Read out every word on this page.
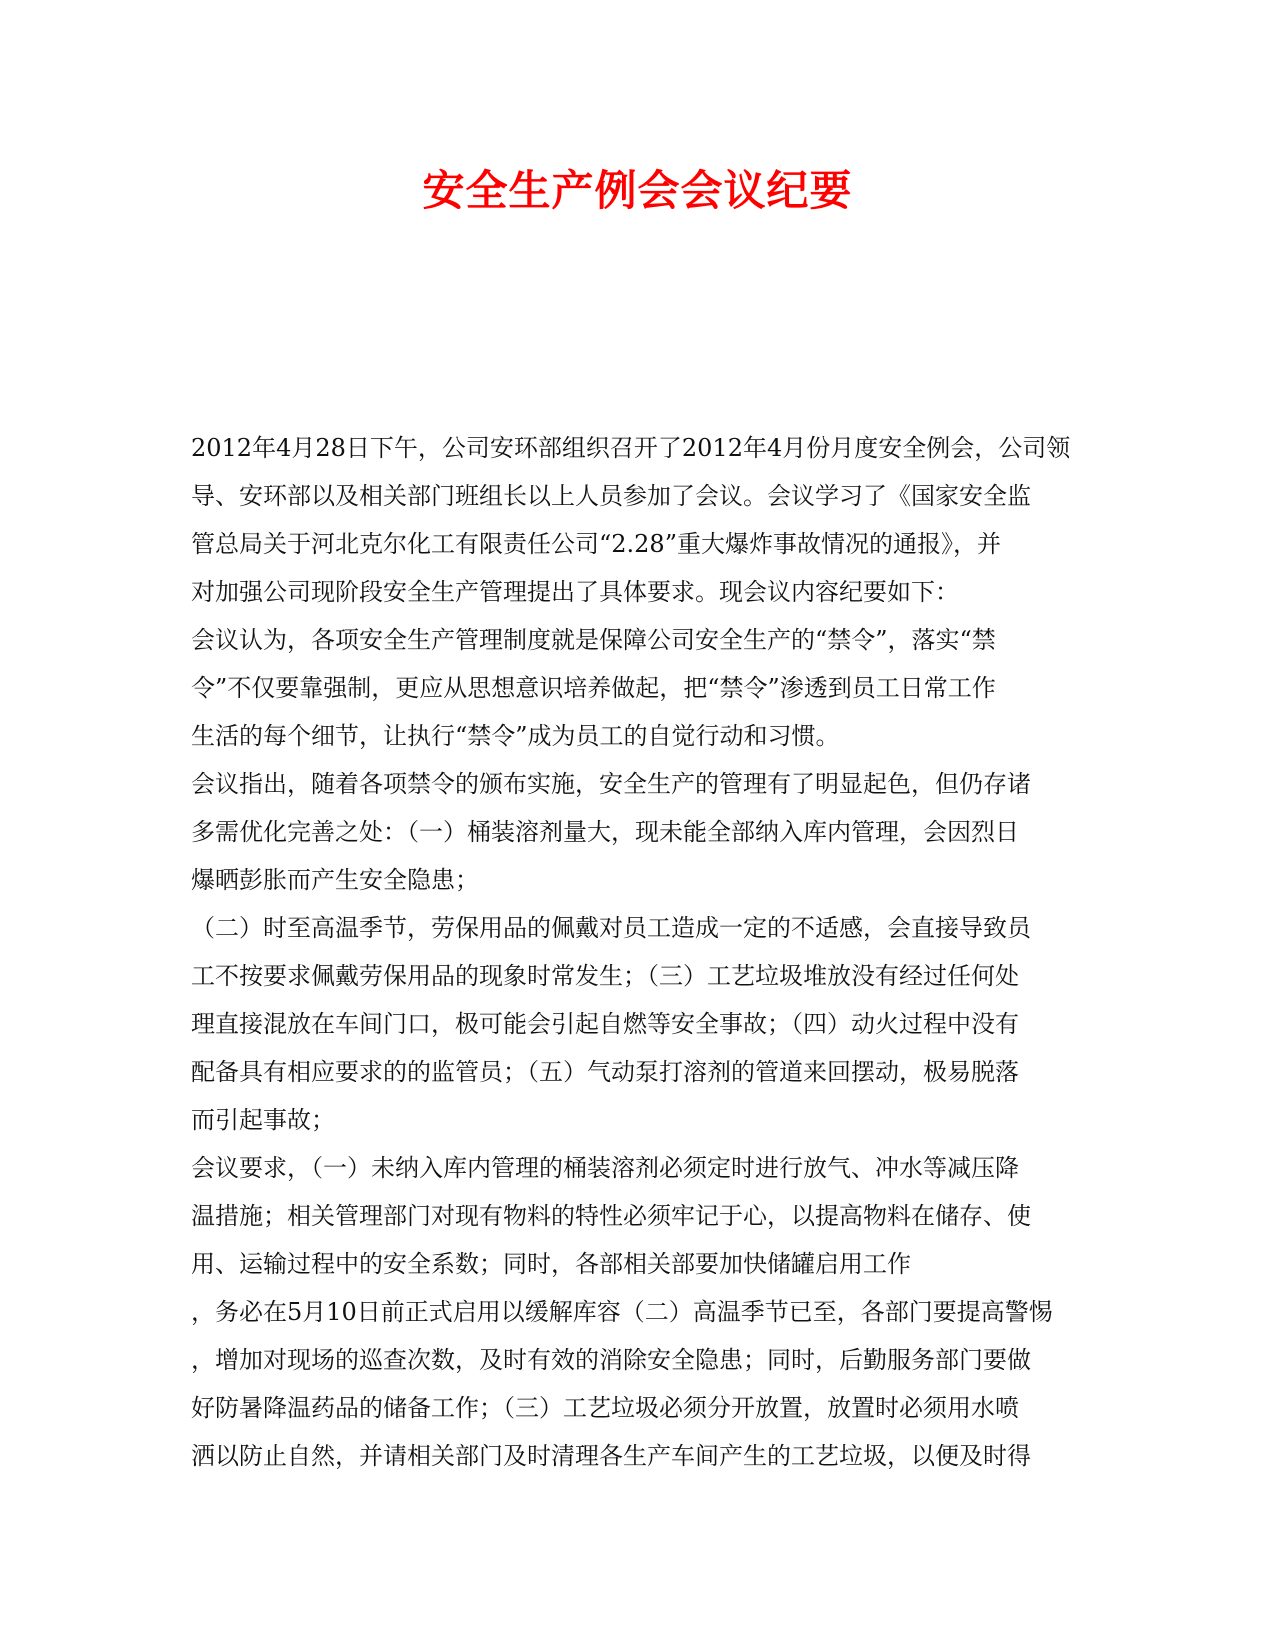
安全生产例会会议纪要
2012年4月28日下午，公司安环部组织召开了2012年4月份月度安全例会，公司领
导、安环部以及相关部门班组长以上人员参加了会议。会议学习了《国家安全监
管总局关于河北克尔化工有限责任公司“2.28”重大爆炸事故情况的通报》，并
对加强公司现阶段安全生产管理提出了具体要求。现会议内容纪要如下：
会议认为，各项安全生产管理制度就是保障公司安全生产的“禁令”，落实“禁
令”不仅要靠强制，更应从思想意识培养做起，把“禁令”渗透到员工日常工作
生活的每个细节，让执行“禁令”成为员工的自觉行动和习惯。
会议指出，随着各项禁令的颁布实施，安全生产的管理有了明显起色，但仍存诸
多需优化完善之处：（一）桶装溶剂量大，现未能全部纳入库内管理，会因烈日
爆晒彭胀而产生安全隐患；
（二）时至高温季节，劳保用品的佩戴对员工造成一定的不适感，会直接导致员
工不按要求佩戴劳保用品的现象时常发生；（三）工艺垃圾堆放没有经过任何处
理直接混放在车间门口，极可能会引起自燃等安全事故；（四）动火过程中没有
配备具有相应要求的的监管员；（五）气动泵打溶剂的管道来回摆动，极易脱落
而引起事故；
会议要求，（一）未纳入库内管理的桶装溶剂必须定时进行放气、冲水等减压降
温措施；相关管理部门对现有物料的特性必须牢记于心，以提高物料在储存、使
用、运输过程中的安全系数；同时，各部相关部要加快储罐启用工作
，务必在5月10日前正式启用以缓解库容（二）高温季节已至，各部门要提高警惕
，增加对现场的巡查次数，及时有效的消除安全隐患；同时，后勤服务部门要做
好防暑降温药品的储备工作；（三）工艺垃圾必须分开放置，放置时必须用水喷
洒以防止自然，并请相关部门及时清理各生产车间产生的工艺垃圾，以便及时得
